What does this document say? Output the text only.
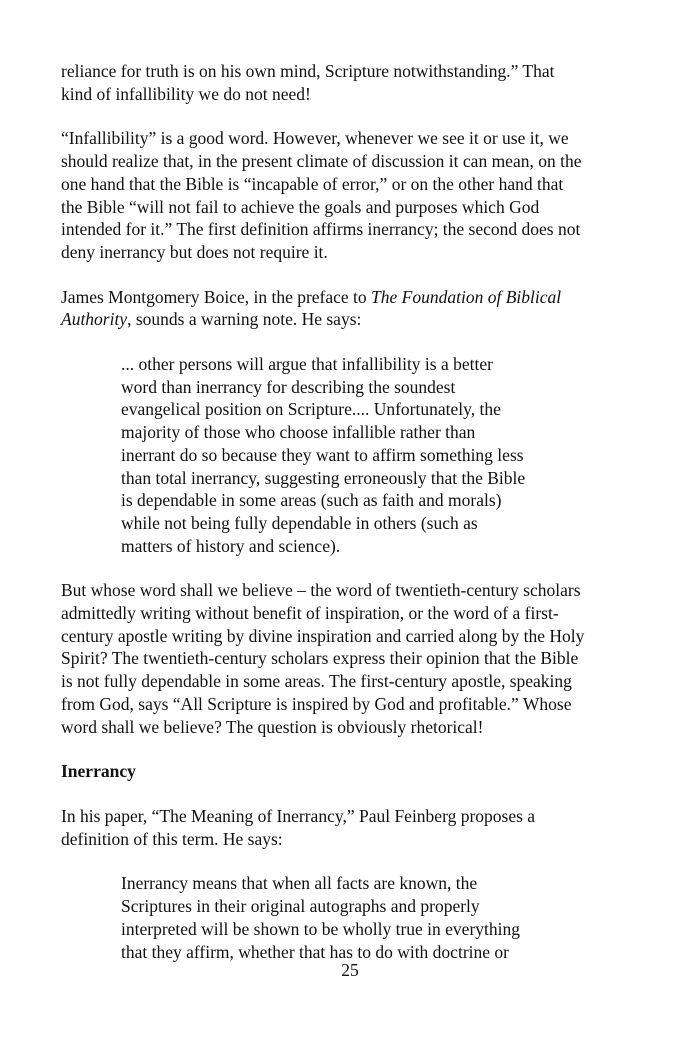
reliance for truth is on his own mind, Scripture notwithstanding.” That
kind of infallibility we do not need!

“Infallibility” is a good word. However, whenever we see it or use it, we
should realize that, in the present climate of discussion it can mean, on the
one hand that the Bible is “incapable of error,” or on the other hand that
the Bible “will not fail to achieve the goals and purposes which God
intended for it.” The first definition affirms inerrancy; the second does not
deny inerrancy but does not require it.

James Montgomery Boice, in the preface to The Foundation of Biblical
Authority, sounds a warning note. He says:

... other persons will argue that infallibility is a better
word than inerrancy for describing the soundest
evangelical position on Scripture.... Unfortunately, the
majority of those who choose infallible rather than
inerrant do so because they want to affirm something less
than total inerrancy, suggesting erroneously that the Bible
is dependable in some areas (such as faith and morals)
while not being fully dependable in others (such as
matters of history and science).

But whose word shall we believe – the word of twentieth-century scholars
admittedly writing without benefit of inspiration, or the word of a first-
century apostle writing by divine inspiration and carried along by the Holy
Spirit? The twentieth-century scholars express their opinion that the Bible
is not fully dependable in some areas. The first-century apostle, speaking
from God, says “All Scripture is inspired by God and profitable.” Whose
word shall we believe? The question is obviously rhetorical!

Inerrancy

In his paper, “The Meaning of Inerrancy,” Paul Feinberg proposes a
definition of this term. He says:

Inerrancy means that when all facts are known, the
Scriptures in their original autographs and properly
interpreted will be shown to be wholly true in everything
that they affirm, whether that has to do with doctrine or
25
